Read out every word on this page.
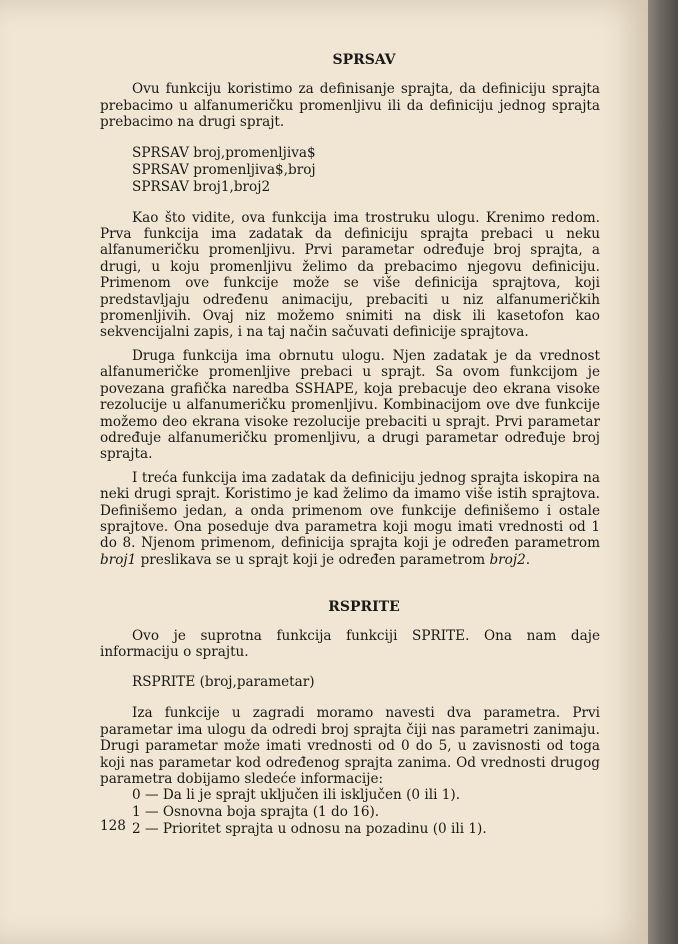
SPRSAV

Ovu funkciju koristimo za definisanje sprajta, da definiciju sprajta prebacimo u alfanumeričku promenljivu ili da definiciju jednog sprajta prebacimo na drugi sprajt.

SPRSAV broj,promenljiva$
SPRSAV promenljiva$,broj
SPRSAV broj1,broj2

Kao što vidite, ova funkcija ima trostruku ulogu. Krenimo redom. Prva funkcija ima zadatak da definiciju sprajta prebaci u neku alfanumeričku promenljivu. Prvi parametar određuje broj sprajta, a drugi, u koju promenljivu želimo da prebacimo njegovu definiciju. Primenom ove funkcije može se više definicija sprajtova, koji predstavljaju određenu animaciju, prebaciti u niz alfanumeričkih promenljivih. Ovaj niz možemo snimiti na disk ili kasetofon kao sekvencijalni zapis, i na taj način sačuvati definicije sprajtova.

Druga funkcija ima obrnutu ulogu. Njen zadatak je da vrednost alfanumeričke promenljive prebaci u sprajt. Sa ovom funkcijom je povezana grafička naredba SSHAPE, koja prebacuje deo ekrana visoke rezolucije u alfanumeričku promenljivu. Kombinacijom ove dve funkcije možemo deo ekrana visoke rezolucije prebaciti u sprajt. Prvi parametar određuje alfanumeričku promenljivu, a drugi parametar određuje broj sprajta.

I treća funkcija ima zadatak da definiciju jednog sprajta iskopira na neki drugi sprajt. Koristimo je kad želimo da imamo više istih sprajtova. Definišemo jedan, a onda primenom ove funkcije definišemo i ostale sprajtove. Ona poseduje dva parametra koji mogu imati vrednosti od 1 do 8. Njenom primenom, definicija sprajta koji je određen parametrom broj1 preslikava se u sprajt koji je određen parametrom broj2.

RSPRITE

Ovo je suprotna funkcija funkciji SPRITE. Ona nam daje informaciju o sprajtu.

RSPRITE (broj,parametar)

Iza funkcije u zagradi moramo navesti dva parametra. Prvi parametar ima ulogu da odredi broj sprajta čiji nas parametri zanimaju. Drugi parametar može imati vrednosti od 0 do 5, u zavisnosti od toga koji nas parametar kod određenog sprajta zanima. Od vrednosti drugog parametra dobijamo sledeće informacije:

0 — Da li je sprajt uključen ili isključen (0 ili 1).
1 — Osnovna boja sprajta (1 do 16).
2 — Prioritet sprajta u odnosu na pozadinu (0 ili 1).
128
